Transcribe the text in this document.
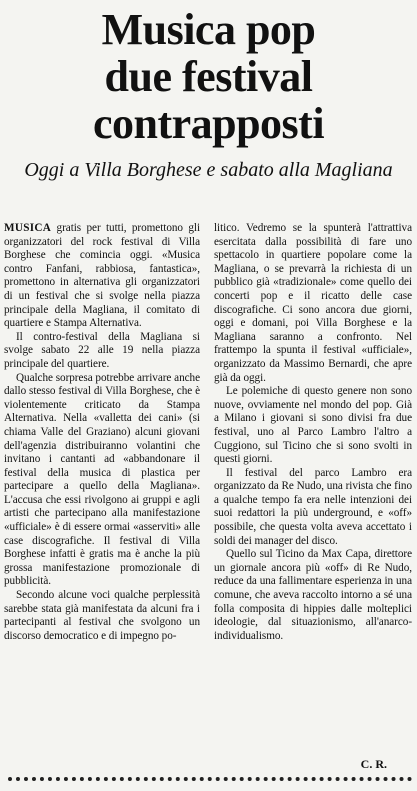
Musica pop
due festival
contrapposti
Oggi a Villa Borghese e sabato alla Magliana

MUSICA gratis per tutti, promettono gli organizzatori del rock festival di Villa Borghese che comincia oggi. «Musica contro Fanfani, rabbiosa, fantastica», promettono in alternativa gli organizzatori di un festival che si svolge nella piazza principale della Magliana, il comitato di quartiere e Stampa Alternativa.

Il contro-festival della Magliana si svolge sabato 22 alle 19 nella piazza principale del quartiere.

Qualche sorpresa potrebbe arrivare anche dallo stesso festival di Villa Borghese, che è violentemente criticato da Stampa Alternativa. Nella «valletta dei cani» (si chiama Valle del Graziano) alcuni giovani dell'agenzia distribuiranno volantini che invitano i cantanti ad «abbandonare il festival della musica di plastica per partecipare a quello della Magliana». L'accusa che essi rivolgono ai gruppi e agli artisti che partecipano alla manifestazione «ufficiale» è di essere ormai «asserviti» alle case discografiche. Il festival di Villa Borghese infatti è gratis ma è anche la più grossa manifestazione promozionale di pubblicità.

Secondo alcune voci qualche perplessità sarebbe stata già manifestata da alcuni fra i partecipanti al festival che svolgono un discorso democratico e di impegno po-

litico. Vedremo se la spunterà l'attrattiva esercitata dalla possibilità di fare uno spettacolo in quartiere popolare come la Magliana, o se prevarrà la richiesta di un pubblico già «tradizionale» come quello dei concerti pop e il ricatto delle case discografiche. Ci sono ancora due giorni, oggi e domani, poi Villa Borghese e la Magliana saranno a confronto. Nel frattempo la spunta il festival «ufficiale», organizzato da Massimo Bernardi, che apre già da oggi.

Le polemiche di questo genere non sono nuove, ovviamente nel mondo del pop. Già a Milano i giovani si sono divisi fra due festival, uno al Parco Lambro l'altro a Cuggiono, sul Ticino che si sono svolti in questi giorni.

Il festival del parco Lambro era organizzato da Re Nudo, una rivista che fino a qualche tempo fa era nelle intenzioni dei suoi redattori la più underground, e «off» possibile, che questa volta aveva accettato i soldi dei manager del disco.

Quello sul Ticino da Max Capa, direttore un giornale ancora più «off» di Re Nudo, reduce da una fallimentare esperienza in una comune, che aveva raccolto intorno a sé una folla composita di hippies dalle molteplici ideologie, dal situazionismo, all'anarco-individualismo.

C. R.
